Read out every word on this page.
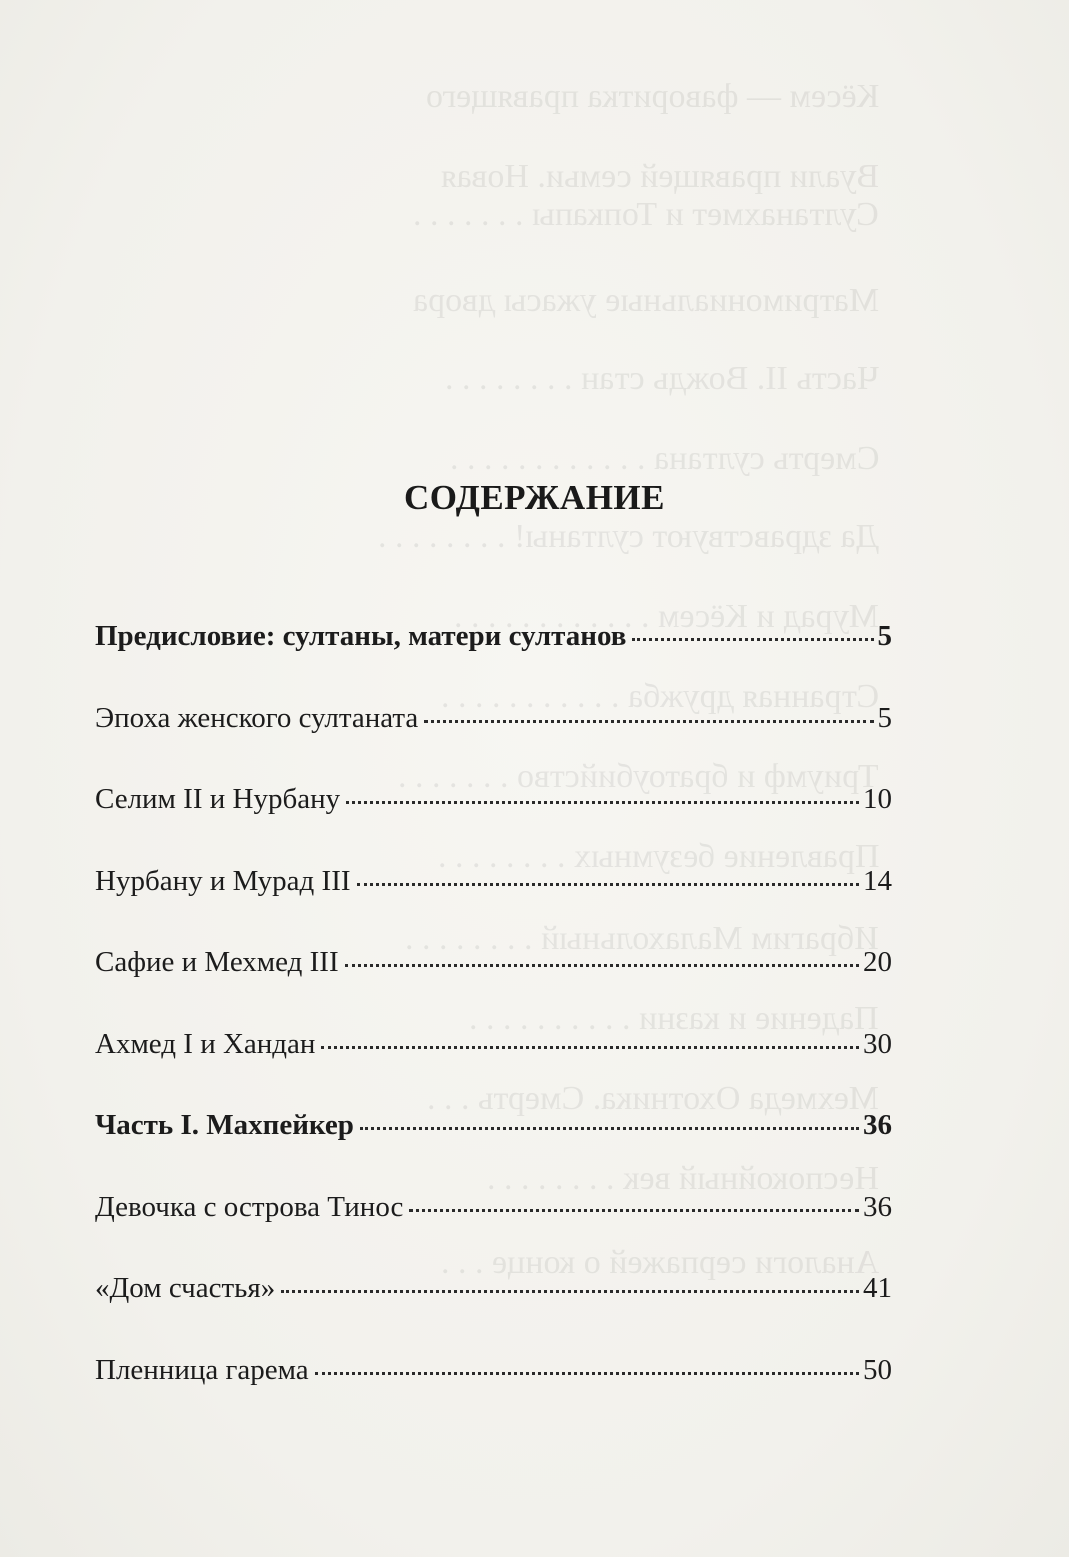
Кёсем — фаворитка правящего
Вуали правящей семьи. Новая
Султанахмет и Топкапы . . . . . . .
Матримониальные ужасы двора
Часть II. Вождь стан . . . . . . . .
Смерть султана . . . . . . . . . . . .
Да здравствуют султаны! . . . . . . . .
Мурад и Кёсем . . . . . . . . . . . .
Странная дружба . . . . . . . . . . .
Триумф и братоубийство . . . . . . .
Правление безумных . . . . . . . .
Ибрагим Малахольный . . . . . . . .
Падение и казни . . . . . . . . . .
Мехмеда Охотника. Смерть . . .
Неспокойный век . . . . . . . .
Аналоги серпажей о конце . . .
СОДЕРЖАНИЕ
Предисловие: султаны, матери султанов	5
Эпоха женского султаната	5
Селим II и Нурбану	10
Нурбану и Мурад III	14
Сафие и Мехмед III	20
Ахмед I и Хандан	30
Часть I. Махпейкер	36
Девочка с острова Тинос	36
«Дом счастья»	41
Пленница гарема	50
